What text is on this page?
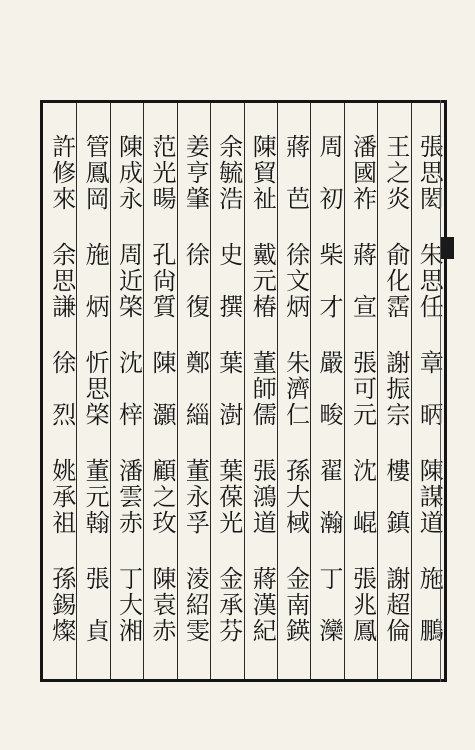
張思閎
朱思任
章　昞
陳謀道
施　鵬
王之炎
俞化霑
謝振宗
樓　鎮
謝超倫
潘國祚
蔣　宣
張可元
沈　崐
張兆鳳
周　初
柴　才
嚴　畯
翟　瀚
丁　灤
蔣　芭
徐文炳
朱濟仁
孫大棫
金南鍈
陳貿祉
戴元椿
董師儒
張鴻道
蔣漢紀
余毓浩
史　撰
葉　澍
葉葆光
金承芬
姜亨肇
徐　復
鄭　緇
董永孚
淩紹雯
范光暘
孔尙質
陳　灝
顧之玫
陳袁赤
陳成永
周近棨
沈　梓
潘雲赤
丁大湘
管鳳岡
施　炳
忻思棨
董元翰
張　貞
許修來
余思謙
徐　烈
姚承祖
孫錫燦
